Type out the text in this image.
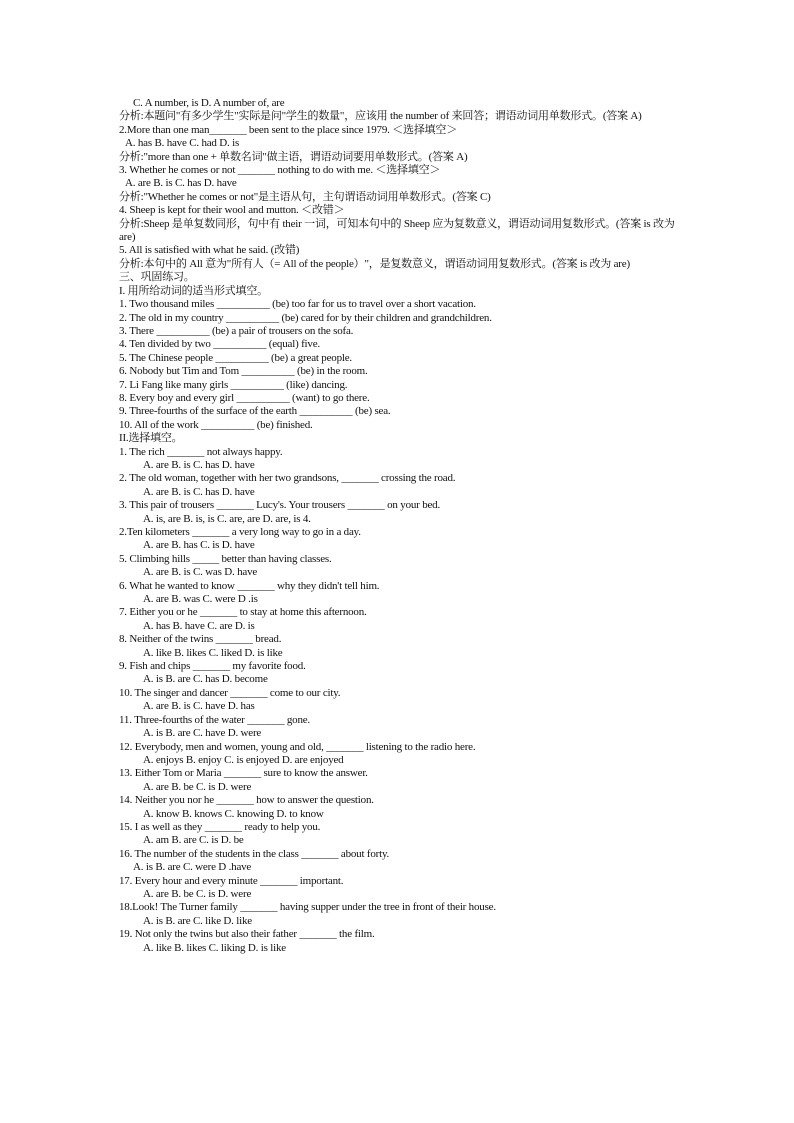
C. A number, is D. A number of, are
分析:本题问"有多少学生"实际是问"学生的数量"，应该用 the number of 来回答；谓语动词用单数形式。(答案 A)
2.More than one man_______ been sent to the place since 1979. ＜选择填空＞
A. has B. have C. had D. is
分析:"more than one + 单数名词"做主语，谓语动词要用单数形式。(答案 A)
3. Whether he comes or not _______ nothing to do with me. ＜选择填空＞
A. are B. is C. has D. have
分析:"Whether he comes or not"是主语从句，主句谓语动词用单数形式。(答案 C)
4. Sheep is kept for their wool and mutton. ＜改错＞
分析:Sheep 是单复数同形，句中有 their 一词，可知本句中的 Sheep 应为复数意义，谓语动词用复数形式。(答案 is 改为 are)
5. All is satisfied with what he said. (改错)
分析:本句中的 All 意为"所有人（= All of the people）"，是复数意义，谓语动词用复数形式。(答案 is 改为 are)
三、巩固练习。
I. 用所给动词的适当形式填空。
1. Two thousand miles __________ (be) too far for us to travel over a short vacation.
2. The old in my country __________ (be) cared for by their children and grandchildren.
3. There __________ (be) a pair of trousers on the sofa.
4. Ten divided by two __________ (equal) five.
5. The Chinese people __________ (be) a great people.
6. Nobody but Tim and Tom __________ (be) in the room.
7. Li Fang like many girls __________ (like) dancing.
8. Every boy and every girl __________ (want) to go there.
9. Three-fourths of the surface of the earth __________ (be) sea.
10. All of the work __________ (be) finished.
II.选择填空。
1. The rich _______ not always happy.
A. are B. is C. has D. have
2. The old woman, together with her two grandsons, _______ crossing the road.
A. are B. is C. has D. have
3. This pair of trousers _______ Lucy's. Your trousers _______ on your bed.
A. is, are B. is, is C. are, are D. are, is 4.
2.Ten kilometers _______ a very long way to go in a day.
A. are B. has C. is D. have
5. Climbing hills _____ better than having classes.
A. are B. is C. was D. have
6. What he wanted to know _______ why they didn't tell him.
A. are B. was C. were D .is
7. Either you or he _______ to stay at home this afternoon.
A. has B. have C. are D. is
8. Neither of the twins _______ bread.
A. like B. likes C. liked D. is like
9. Fish and chips _______ my favorite food.
A. is B. are C. has D. become
10. The singer and dancer _______ come to our city.
A. are B. is C. have D. has
11. Three-fourths of the water _______ gone.
A. is B. are C. have D. were
12. Everybody, men and women, young and old, _______ listening to the radio here.
A. enjoys B. enjoy C. is enjoyed D. are enjoyed
13. Either Tom or Maria _______ sure to know the answer.
A. are B. be C. is D. were
14. Neither you nor he _______ how to answer the question.
A. know B. knows C. knowing D. to know
15. I as well as they _______ ready to help you.
A. am B. are C. is D. be
16. The number of the students in the class _______ about forty.
A. is B. are C. were D .have
17. Every hour and every minute _______ important.
A. are B. be C. is D. were
18.Look! The Turner family _______ having supper under the tree in front of their house.
A. is B. are C. like D. like
19. Not only the twins but also their father _______ the film.
A. like B. likes C. liking D. is like
